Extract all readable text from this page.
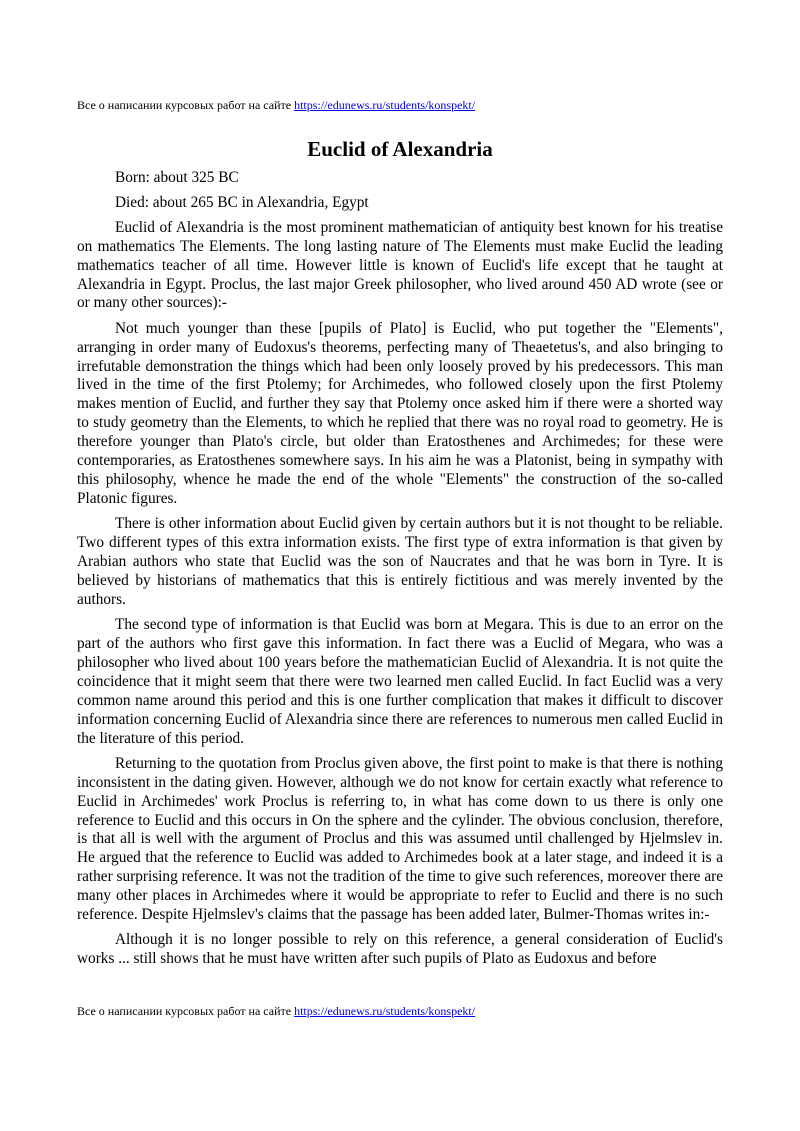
Все о написании курсовых работ на сайте https://edunews.ru/students/konspekt/
Euclid of Alexandria

Born: about 325 BC

Died: about 265 BC in Alexandria, Egypt

Euclid of Alexandria is the most prominent mathematician of antiquity best known for his treatise on mathematics The Elements. The long lasting nature of The Elements must make Euclid the leading mathematics teacher of all time. However little is known of Euclid's life except that he taught at Alexandria in Egypt. Proclus, the last major Greek philosopher, who lived around 450 AD wrote (see or or many other sources):-

Not much younger than these [pupils of Plato] is Euclid, who put together the "Elements", arranging in order many of Eudoxus's theorems, perfecting many of Theaetetus's, and also bringing to irrefutable demonstration the things which had been only loosely proved by his predecessors. This man lived in the time of the first Ptolemy; for Archimedes, who followed closely upon the first Ptolemy makes mention of Euclid, and further they say that Ptolemy once asked him if there were a shorted way to study geometry than the Elements, to which he replied that there was no royal road to geometry. He is therefore younger than Plato's circle, but older than Eratosthenes and Archimedes; for these were contemporaries, as Eratosthenes somewhere says. In his aim he was a Platonist, being in sympathy with this philosophy, whence he made the end of the whole "Elements" the construction of the so-called Platonic figures.

There is other information about Euclid given by certain authors but it is not thought to be reliable. Two different types of this extra information exists. The first type of extra information is that given by Arabian authors who state that Euclid was the son of Naucrates and that he was born in Tyre. It is believed by historians of mathematics that this is entirely fictitious and was merely invented by the authors.

The second type of information is that Euclid was born at Megara. This is due to an error on the part of the authors who first gave this information. In fact there was a Euclid of Megara, who was a philosopher who lived about 100 years before the mathematician Euclid of Alexandria. It is not quite the coincidence that it might seem that there were two learned men called Euclid. In fact Euclid was a very common name around this period and this is one further complication that makes it difficult to discover information concerning Euclid of Alexandria since there are references to numerous men called Euclid in the literature of this period.

Returning to the quotation from Proclus given above, the first point to make is that there is nothing inconsistent in the dating given. However, although we do not know for certain exactly what reference to Euclid in Archimedes' work Proclus is referring to, in what has come down to us there is only one reference to Euclid and this occurs in On the sphere and the cylinder. The obvious conclusion, therefore, is that all is well with the argument of Proclus and this was assumed until challenged by Hjelmslev in. He argued that the reference to Euclid was added to Archimedes book at a later stage, and indeed it is a rather surprising reference. It was not the tradition of the time to give such references, moreover there are many other places in Archimedes where it would be appropriate to refer to Euclid and there is no such reference. Despite Hjelmslev's claims that the passage has been added later, Bulmer-Thomas writes in:-

Although it is no longer possible to rely on this reference, a general consideration of Euclid's works ... still shows that he must have written after such pupils of Plato as Eudoxus and before

Все о написании курсовых работ на сайте https://edunews.ru/students/konspekt/
